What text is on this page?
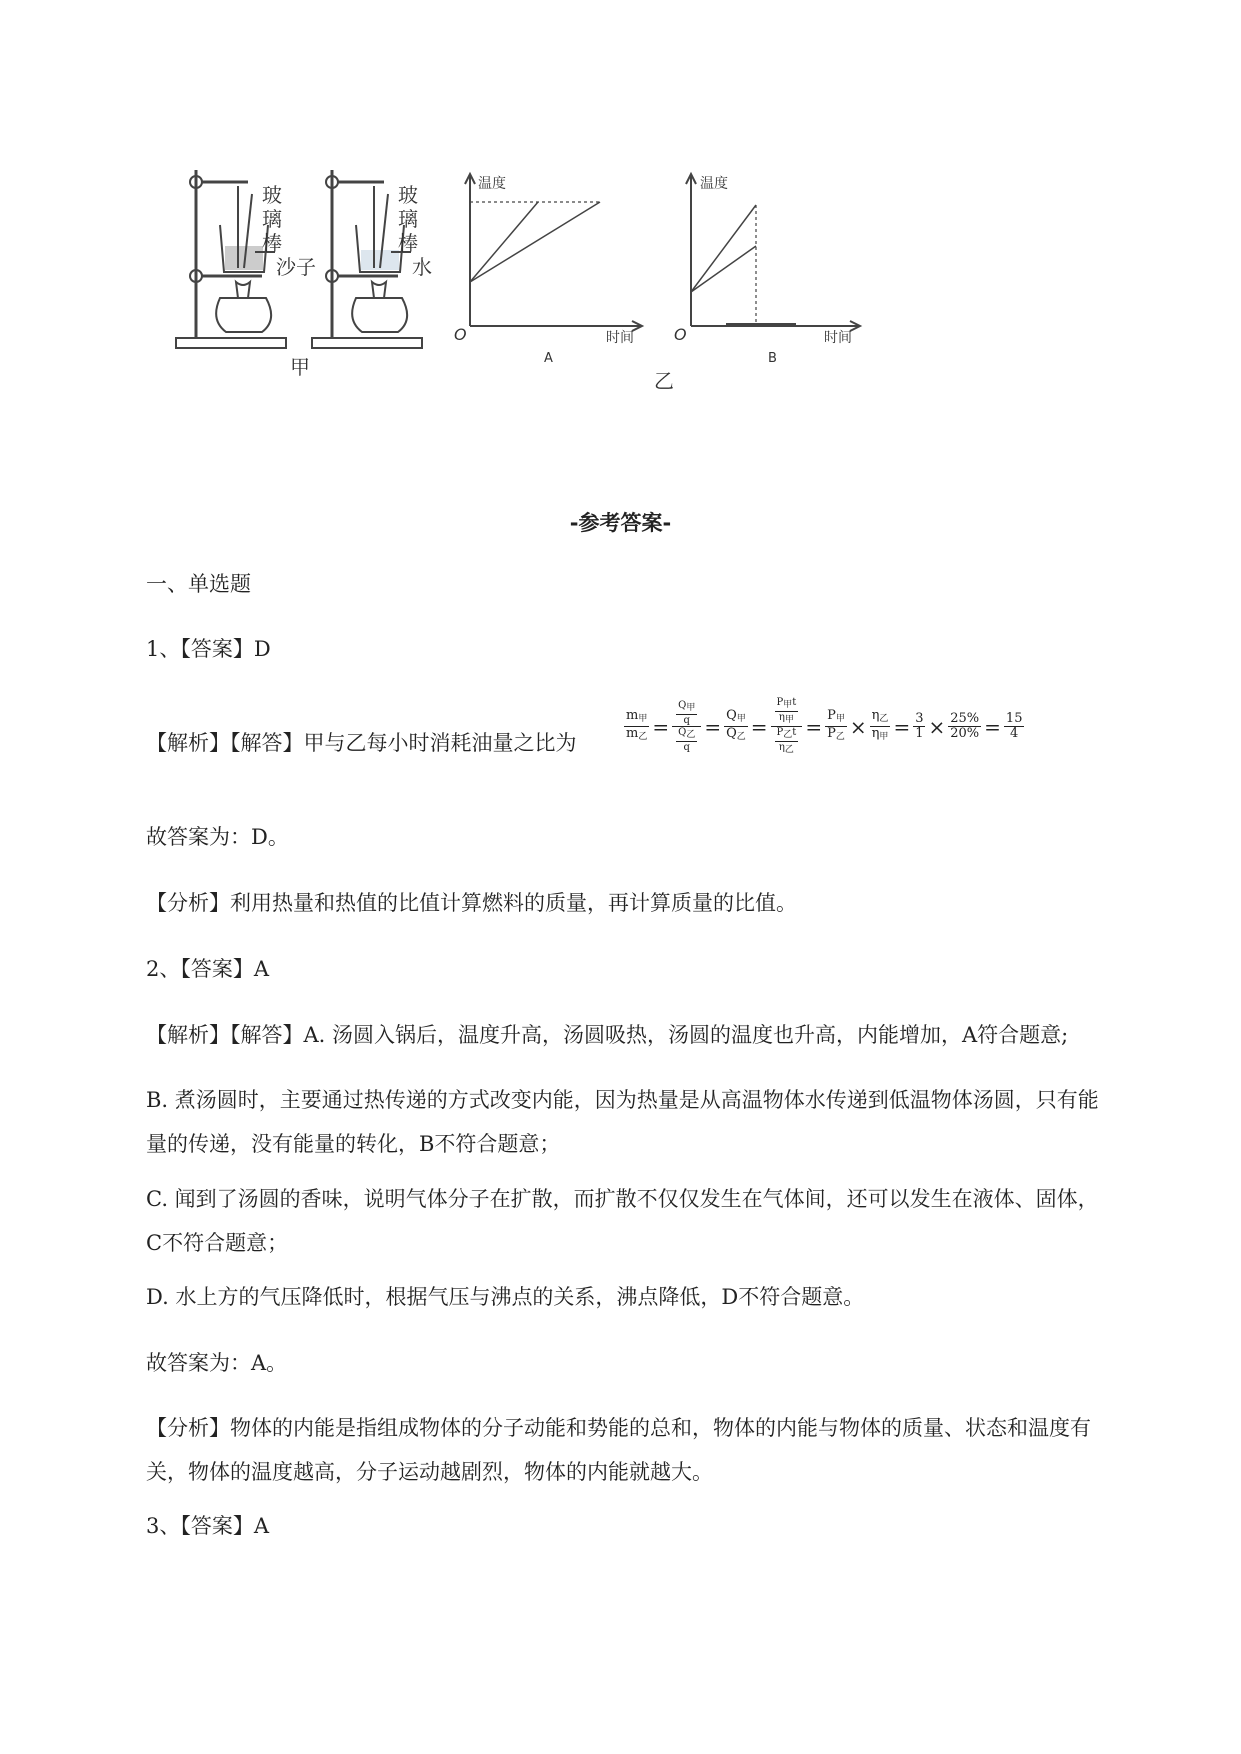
玻
璃
棒
沙子
甲
玻
璃
棒
水
温度
时间
O
A
温度
时间
O
B
乙
-参考答案-
一、单选题
1、【答案】D
【解析】【解答】甲与乙每小时消耗油量之比为	$\frac{m_甲}{m_乙} = \frac{\frac{\text{Q甲}}{q}}{\frac{\text{Q乙}}{q}} = \frac{Q_甲}{Q_乙} = \frac{\frac{\text{P甲t}}{\text{η甲}}}{\frac{\text{P乙t}}{\text{η乙}}} = \frac{P_甲}{P_乙} \times \frac{\eta_乙}{\eta_甲} = \frac{3}{1} \times \frac{25\%}{20\%} = \frac{15}{4}$
故答案为：D。
【分析】利用热量和热值的比值计算燃料的质量，再计算质量的比值。
2、【答案】A
【解析】【解答】A. 汤圆入锅后，温度升高，汤圆吸热，汤圆的温度也升高，内能增加，A符合题意;
B. 煮汤圆时，主要通过热传递的方式改变内能，因为热量是从高温物体水传递到低温物体汤圆，只有能量的传递，没有能量的转化，B不符合题意；
C. 闻到了汤圆的香味，说明气体分子在扩散，而扩散不仅仅发生在气体间，还可以发生在液体、固体，C不符合题意；
D. 水上方的气压降低时，根据气压与沸点的关系，沸点降低，D不符合题意。
故答案为：A。
【分析】物体的内能是指组成物体的分子动能和势能的总和，物体的内能与物体的质量、状态和温度有关，物体的温度越高，分子运动越剧烈，物体的内能就越大。
3、【答案】A
